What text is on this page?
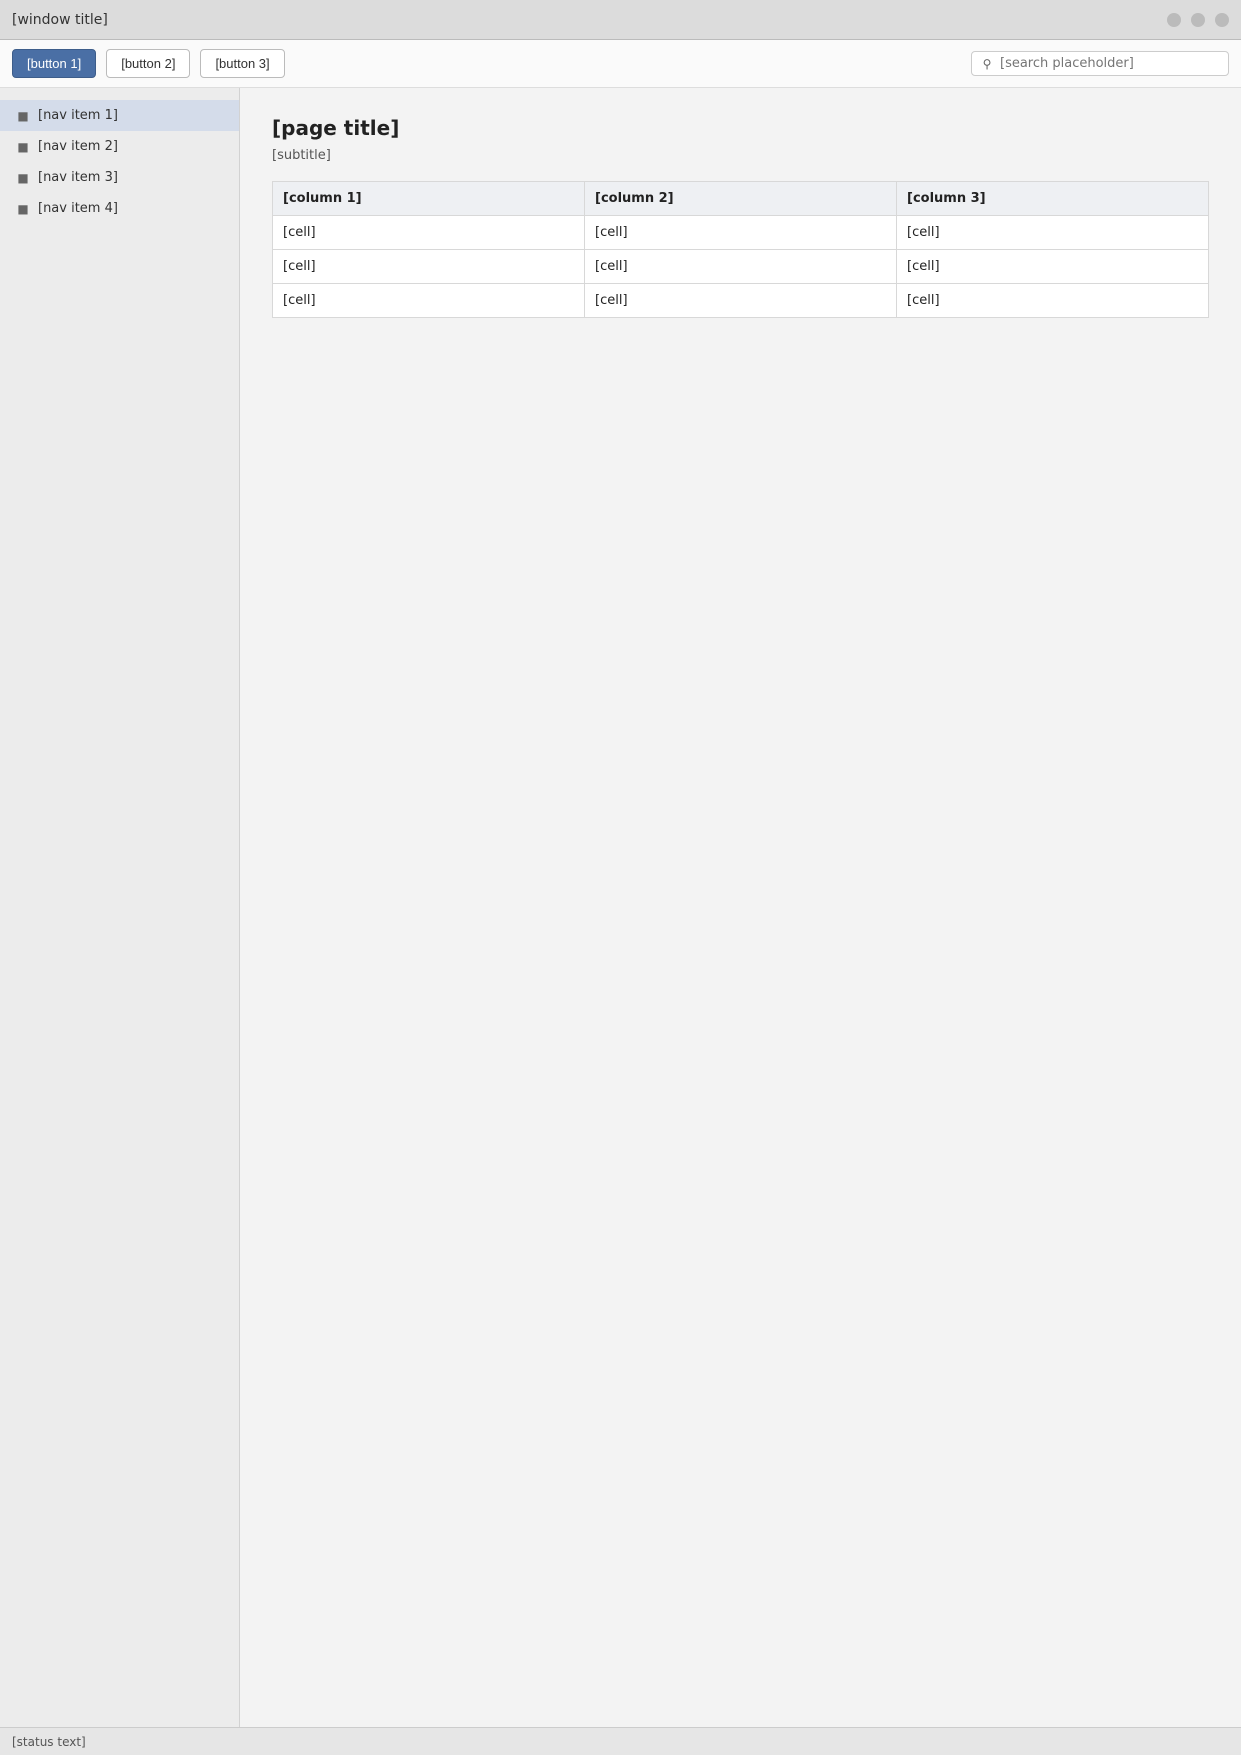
[window title]
[button 1]	[button 2]	[button 3]	⚲
[search placeholder]
■ [nav item 1]
■ [nav item 2]
■ [nav item 3]
■ [nav item 4]
[page title]
[subtitle]
[column 1]	[column 2]	[column 3]
[cell]	[cell]	[cell]
[cell]	[cell]	[cell]
[cell]	[cell]	[cell]
[status text]
